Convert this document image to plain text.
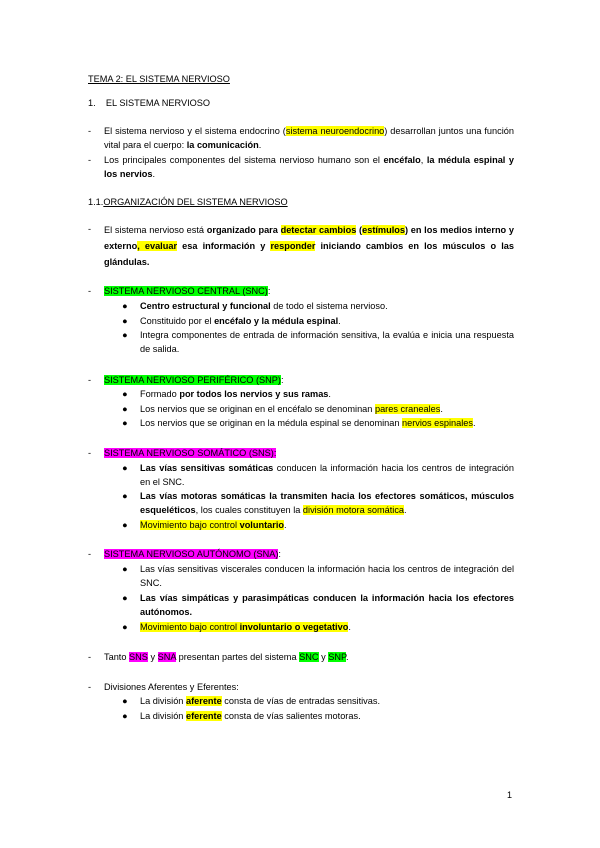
TEMA 2: EL SISTEMA NERVIOSO
1. EL SISTEMA NERVIOSO
- El sistema nervioso y el sistema endocrino (sistema neuroendocrino) desarrollan juntos una función vital para el cuerpo: la comunicación.
- Los principales componentes del sistema nervioso humano son el encéfalo, la médula espinal y los nervios.
1.1.ORGANIZACIÓN DEL SISTEMA NERVIOSO
- El sistema nervioso está organizado para detectar cambios (estímulos) en los medios interno y externo, evaluar esa información y responder iniciando cambios en los músculos o las glándulas.
- SISTEMA NERVIOSO CENTRAL (SNC):
● Centro estructural y funcional de todo el sistema nervioso.
● Constituido por el encéfalo y la médula espinal.
● Integra componentes de entrada de información sensitiva, la evalúa e inicia una respuesta de salida.
- SISTEMA NERVIOSO PERIFÉRICO (SNP):
● Formado por todos los nervios y sus ramas.
● Los nervios que se originan en el encéfalo se denominan pares craneales.
● Los nervios que se originan en la médula espinal se denominan nervios espinales.
- SISTEMA NERVIOSO SOMÁTICO (SNS):
● Las vías sensitivas somáticas conducen la información hacia los centros de integración en el SNC.
● Las vías motoras somáticas la transmiten hacia los efectores somáticos, músculos esqueléticos, los cuales constituyen la división motora somática.
● Movimiento bajo control voluntario.
- SISTEMA NERVIOSO AUTÓNOMO (SNA):
● Las vías sensitivas viscerales conducen la información hacia los centros de integración del SNC.
● Las vías simpáticas y parasimpáticas conducen la información hacia los efectores autónomos.
● Movimiento bajo control involuntario o vegetativo.
- Tanto SNS y SNA presentan partes del sistema SNC y SNP.
- Divisiones Aferentes y Eferentes:
● La división aferente consta de vías de entradas sensitivas.
● La división eferente consta de vías salientes motoras.
1
